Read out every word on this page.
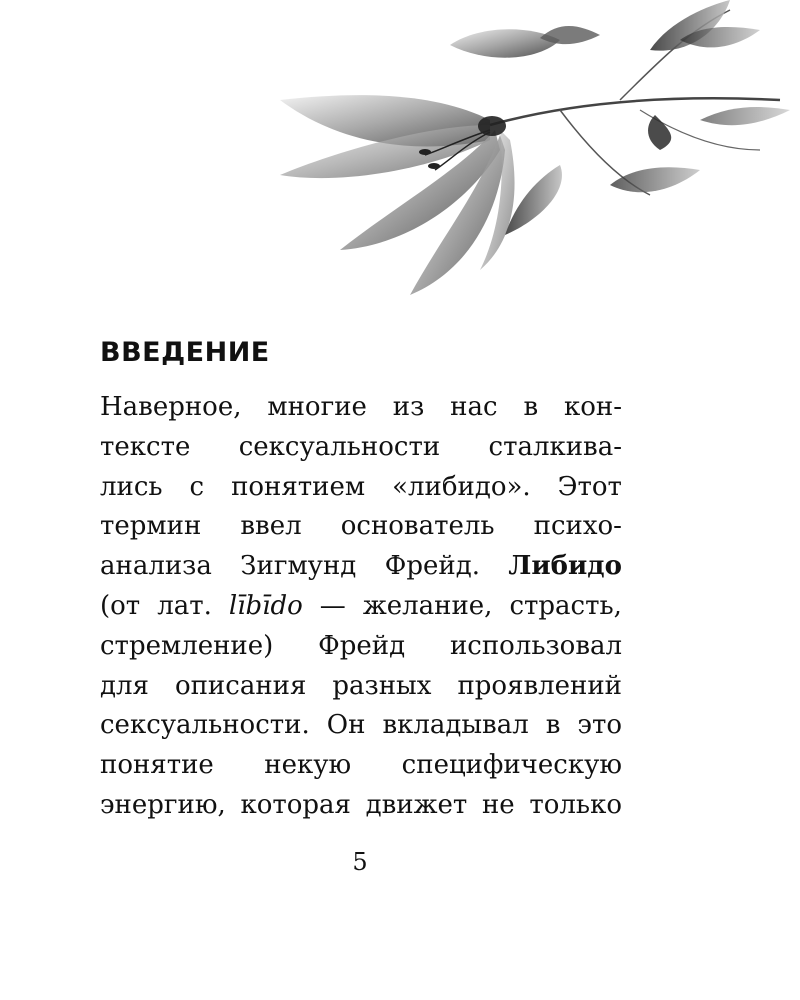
ВВЕДЕНИЕ
Наверное, многие из нас в кон-
тексте сексуальности сталкива-
лись с понятием «либидо». Этот
термин ввел основатель психо-
анализа Зигмунд Фрейд. Либидо
(от лат. lībīdo — желание, страсть,
стремление) Фрейд использовал
для описания разных проявлений
сексуальности. Он вкладывал в это
понятие некую специфическую
энергию, которая движет не только
5
